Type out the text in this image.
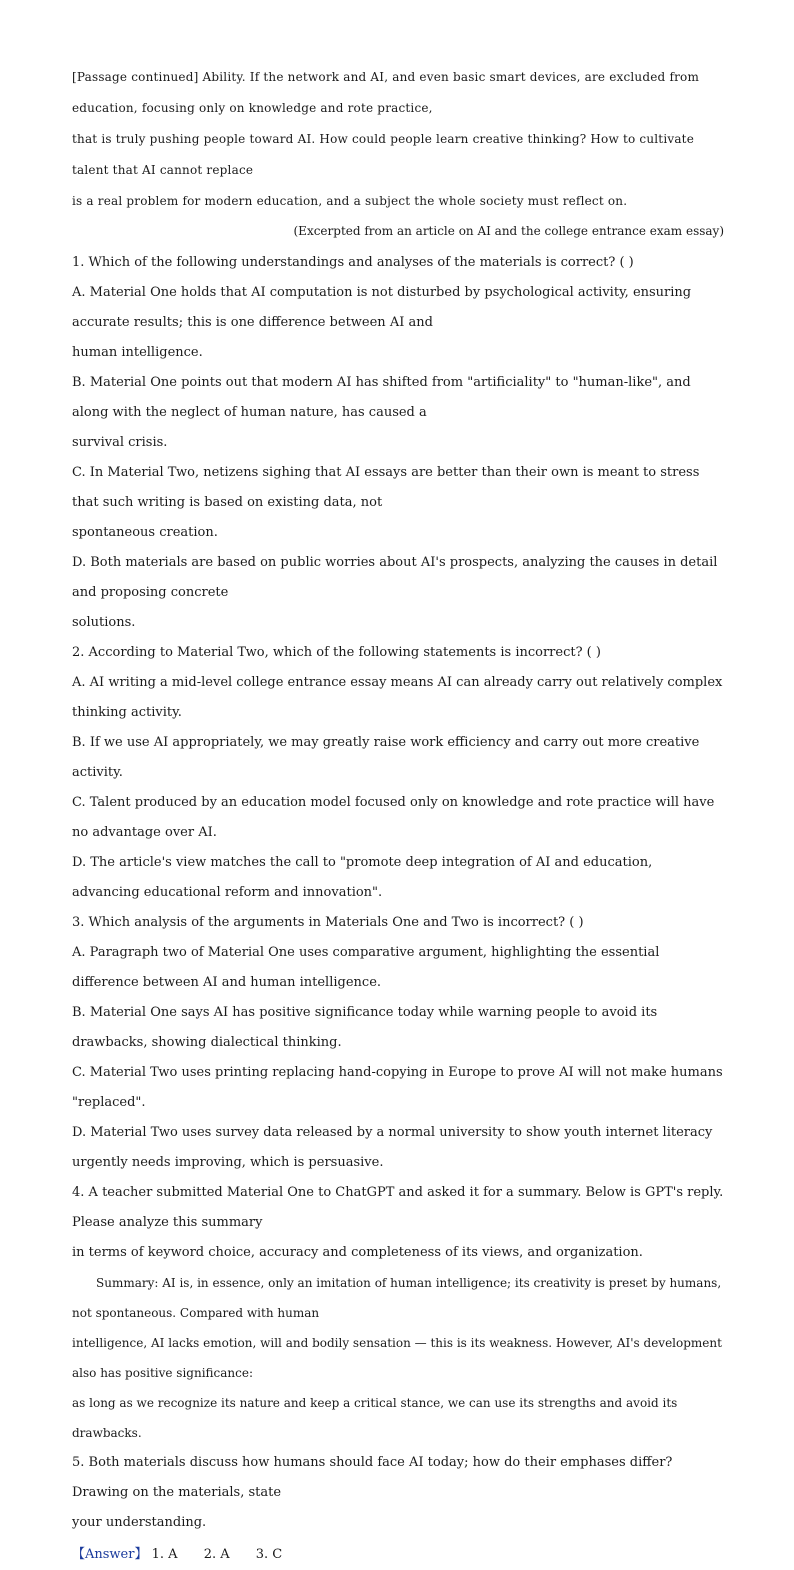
[Passage continued] Ability. If the network and AI, and even basic smart devices, are excluded from education, focusing only on knowledge and rote practice,

that is truly pushing people toward AI. How could people learn creative thinking? How to cultivate talent that AI cannot replace

is a real problem for modern education, and a subject the whole society must reflect on.

(Excerpted from an article on AI and the college entrance exam essay)

1. Which of the following understandings and analyses of the materials is correct? ( )

A. Material One holds that AI computation is not disturbed by psychological activity, ensuring accurate results; this is one difference between AI and

human intelligence.

B. Material One points out that modern AI has shifted from "artificiality" to "human-like", and along with the neglect of human nature, has caused a

survival crisis.

C. In Material Two, netizens sighing that AI essays are better than their own is meant to stress that such writing is based on existing data, not

spontaneous creation.

D. Both materials are based on public worries about AI's prospects, analyzing the causes in detail and proposing concrete

solutions.

2. According to Material Two, which of the following statements is incorrect? ( )

A. AI writing a mid-level college entrance essay means AI can already carry out relatively complex thinking activity.

B. If we use AI appropriately, we may greatly raise work efficiency and carry out more creative activity.

C. Talent produced by an education model focused only on knowledge and rote practice will have no advantage over AI.

D. The article's view matches the call to "promote deep integration of AI and education, advancing educational reform and innovation".

3. Which analysis of the arguments in Materials One and Two is incorrect? ( )

A. Paragraph two of Material One uses comparative argument, highlighting the essential difference between AI and human intelligence.

B. Material One says AI has positive significance today while warning people to avoid its drawbacks, showing dialectical thinking.

C. Material Two uses printing replacing hand-copying in Europe to prove AI will not make humans "replaced".

D. Material Two uses survey data released by a normal university to show youth internet literacy urgently needs improving, which is persuasive.

4. A teacher submitted Material One to ChatGPT and asked it for a summary. Below is GPT's reply. Please analyze this summary

in terms of keyword choice, accuracy and completeness of its views, and organization.

Summary: AI is, in essence, only an imitation of human intelligence; its creativity is preset by humans, not spontaneous. Compared with human

intelligence, AI lacks emotion, will and bodily sensation — this is its weakness. However, AI's development also has positive significance:

as long as we recognize its nature and keep a critical stance, we can use its strengths and avoid its drawbacks.

5. Both materials discuss how humans should face AI today; how do their emphases differ? Drawing on the materials, state

your understanding.

【Answer】 1. A 2. A 3. C
